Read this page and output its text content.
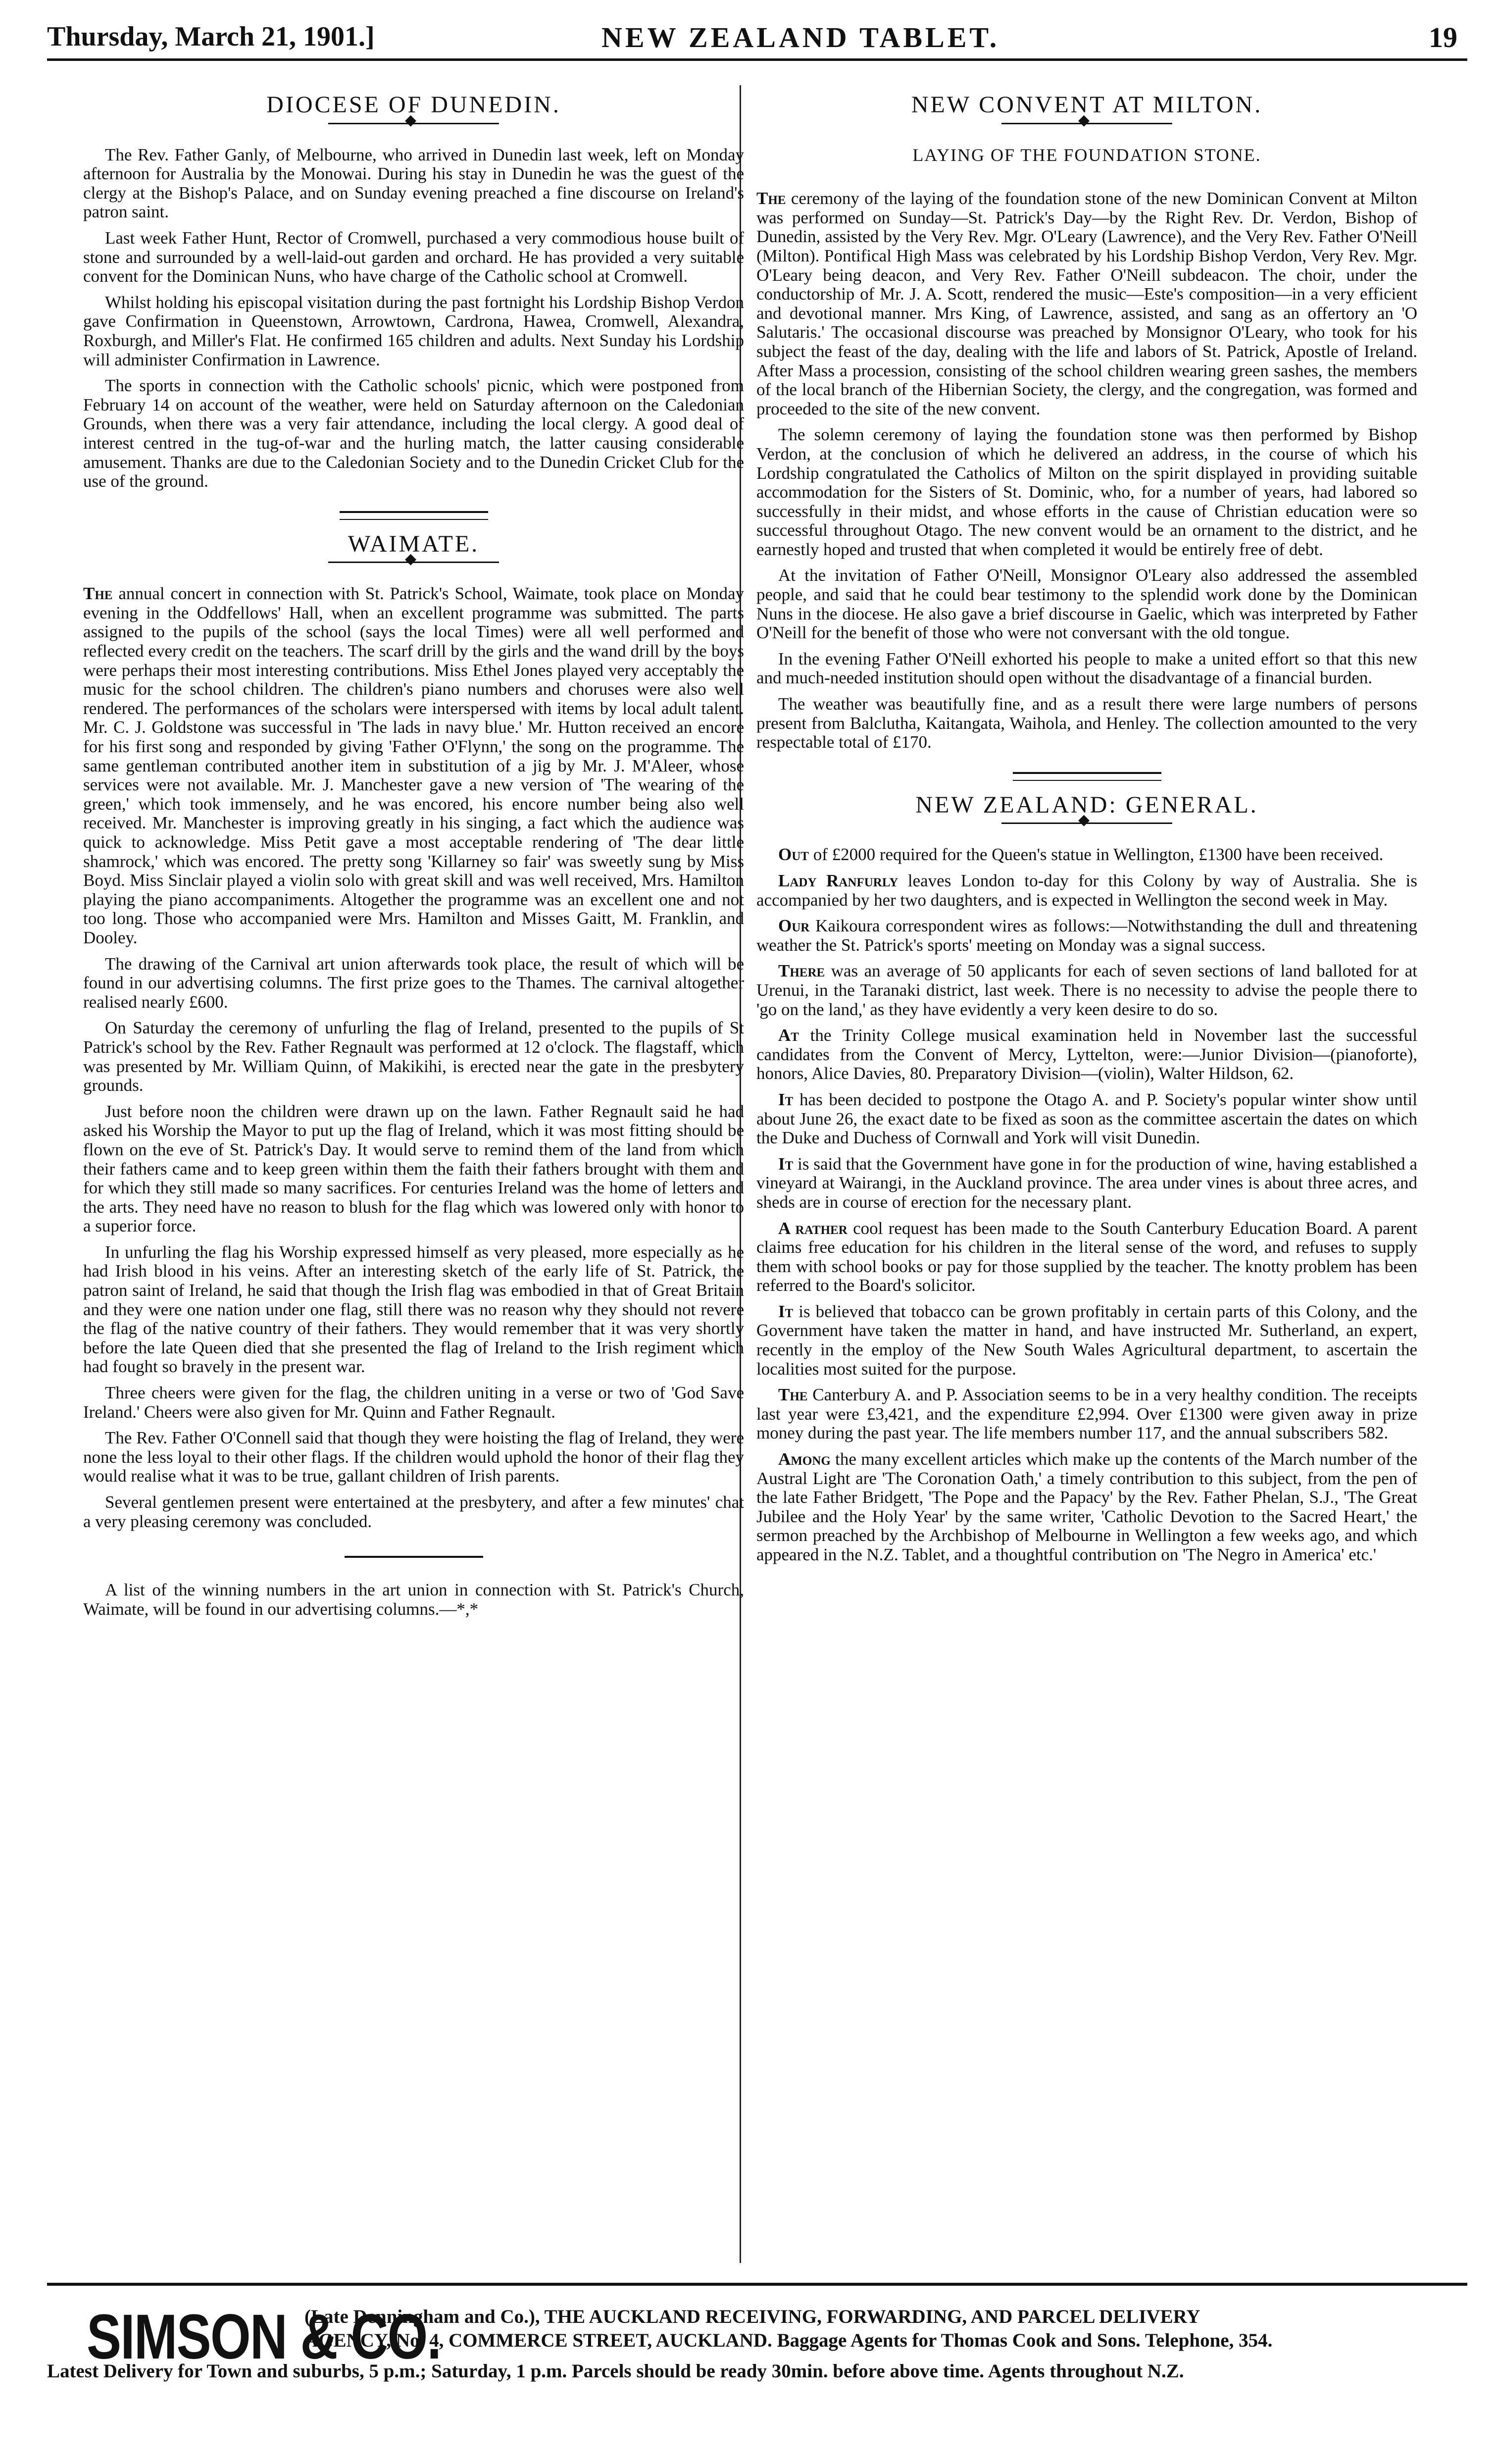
Thursday, March 21, 1901.]	NEW ZEALAND TABLET.	19
DIOCESE OF DUNEDIN.
◆

The Rev. Father Ganly, of Melbourne, who arrived in Dunedin last week, left on Monday afternoon for Australia by the Monowai. During his stay in Dunedin he was the guest of the clergy at the Bishop's Palace, and on Sunday evening preached a fine discourse on Ireland's patron saint.

Last week Father Hunt, Rector of Cromwell, purchased a very commodious house built of stone and surrounded by a well-laid-out garden and orchard. He has provided a very suitable convent for the Dominican Nuns, who have charge of the Catholic school at Cromwell.

Whilst holding his episcopal visitation during the past fortnight his Lordship Bishop Verdon gave Confirmation in Queenstown, Arrowtown, Cardrona, Hawea, Cromwell, Alexandra, Roxburgh, and Miller's Flat. He confirmed 165 children and adults. Next Sunday his Lordship will administer Confirmation in Lawrence.

The sports in connection with the Catholic schools' picnic, which were postponed from February 14 on account of the weather, were held on Saturday afternoon on the Caledonian Grounds, when there was a very fair attendance, including the local clergy. A good deal of interest centred in the tug-of-war and the hurling match, the latter causing considerable amusement. Thanks are due to the Caledonian Society and to the Dunedin Cricket Club for the use of the ground.

WAIMATE.
◆

The annual concert in connection with St. Patrick's School, Waimate, took place on Monday evening in the Oddfellows' Hall, when an excellent programme was submitted. The parts assigned to the pupils of the school (says the local Times) were all well performed and reflected every credit on the teachers. The scarf drill by the girls and the wand drill by the boys were perhaps their most interesting contributions. Miss Ethel Jones played very acceptably the music for the school children. The children's piano numbers and choruses were also well rendered. The performances of the scholars were interspersed with items by local adult talent. Mr. C. J. Goldstone was successful in 'The lads in navy blue.' Mr. Hutton received an encore for his first song and responded by giving 'Father O'Flynn,' the song on the programme. The same gentleman contributed another item in substitution of a jig by Mr. J. M'Aleer, whose services were not available. Mr. J. Manchester gave a new version of 'The wearing of the green,' which took immensely, and he was encored, his encore number being also well received. Mr. Manchester is improving greatly in his singing, a fact which the audience was quick to acknowledge. Miss Petit gave a most acceptable rendering of 'The dear little shamrock,' which was encored. The pretty song 'Killarney so fair' was sweetly sung by Miss Boyd. Miss Sinclair played a violin solo with great skill and was well received, Mrs. Hamilton playing the piano accompaniments. Altogether the programme was an excellent one and not too long. Those who accompanied were Mrs. Hamilton and Misses Gaitt, M. Franklin, and Dooley.

The drawing of the Carnival art union afterwards took place, the result of which will be found in our advertising columns. The first prize goes to the Thames. The carnival altogether realised nearly £600.

On Saturday the ceremony of unfurling the flag of Ireland, presented to the pupils of St Patrick's school by the Rev. Father Regnault was performed at 12 o'clock. The flagstaff, which was presented by Mr. William Quinn, of Makikihi, is erected near the gate in the presbytery grounds.

Just before noon the children were drawn up on the lawn. Father Regnault said he had asked his Worship the Mayor to put up the flag of Ireland, which it was most fitting should be flown on the eve of St. Patrick's Day. It would serve to remind them of the land from which their fathers came and to keep green within them the faith their fathers brought with them and for which they still made so many sacrifices. For centuries Ireland was the home of letters and the arts. They need have no reason to blush for the flag which was lowered only with honor to a superior force.

In unfurling the flag his Worship expressed himself as very pleased, more especially as he had Irish blood in his veins. After an interesting sketch of the early life of St. Patrick, the patron saint of Ireland, he said that though the Irish flag was embodied in that of Great Britain and they were one nation under one flag, still there was no reason why they should not revere the flag of the native country of their fathers. They would remember that it was very shortly before the late Queen died that she presented the flag of Ireland to the Irish regiment which had fought so bravely in the present war.

Three cheers were given for the flag, the children uniting in a verse or two of 'God Save Ireland.' Cheers were also given for Mr. Quinn and Father Regnault.

The Rev. Father O'Connell said that though they were hoisting the flag of Ireland, they were none the less loyal to their other flags. If the children would uphold the honor of their flag they would realise what it was to be true, gallant children of Irish parents.

Several gentlemen present were entertained at the presbytery, and after a few minutes' chat a very pleasing ceremony was concluded.

A list of the winning numbers in the art union in connection with St. Patrick's Church, Waimate, will be found in our advertising columns.—*,*

NEW CONVENT AT MILTON.
◆
LAYING OF THE FOUNDATION STONE.

The ceremony of the laying of the foundation stone of the new Dominican Convent at Milton was performed on Sunday—St. Patrick's Day—by the Right Rev. Dr. Verdon, Bishop of Dunedin, assisted by the Very Rev. Mgr. O'Leary (Lawrence), and the Very Rev. Father O'Neill (Milton). Pontifical High Mass was celebrated by his Lordship Bishop Verdon, Very Rev. Mgr. O'Leary being deacon, and Very Rev. Father O'Neill subdeacon. The choir, under the conductorship of Mr. J. A. Scott, rendered the music—Este's composition—in a very efficient and devotional manner. Mrs King, of Lawrence, assisted, and sang as an offertory an 'O Salutaris.' The occasional discourse was preached by Monsignor O'Leary, who took for his subject the feast of the day, dealing with the life and labors of St. Patrick, Apostle of Ireland. After Mass a procession, consisting of the school children wearing green sashes, the members of the local branch of the Hibernian Society, the clergy, and the congregation, was formed and proceeded to the site of the new convent.

The solemn ceremony of laying the foundation stone was then performed by Bishop Verdon, at the conclusion of which he delivered an address, in the course of which his Lordship congratulated the Catholics of Milton on the spirit displayed in providing suitable accommodation for the Sisters of St. Dominic, who, for a number of years, had labored so successfully in their midst, and whose efforts in the cause of Christian education were so successful throughout Otago. The new convent would be an ornament to the district, and he earnestly hoped and trusted that when completed it would be entirely free of debt.

At the invitation of Father O'Neill, Monsignor O'Leary also addressed the assembled people, and said that he could bear testimony to the splendid work done by the Dominican Nuns in the diocese. He also gave a brief discourse in Gaelic, which was interpreted by Father O'Neill for the benefit of those who were not conversant with the old tongue.

In the evening Father O'Neill exhorted his people to make a united effort so that this new and much-needed institution should open without the disadvantage of a financial burden.

The weather was beautifully fine, and as a result there were large numbers of persons present from Balclutha, Kaitangata, Waihola, and Henley. The collection amounted to the very respectable total of £170.

NEW ZEALAND: GENERAL.
◆

Out of £2000 required for the Queen's statue in Wellington, £1300 have been received.

Lady Ranfurly leaves London to-day for this Colony by way of Australia. She is accompanied by her two daughters, and is expected in Wellington the second week in May.

Our Kaikoura correspondent wires as follows:—Notwithstanding the dull and threatening weather the St. Patrick's sports' meeting on Monday was a signal success.

There was an average of 50 applicants for each of seven sections of land balloted for at Urenui, in the Taranaki district, last week. There is no necessity to advise the people there to 'go on the land,' as they have evidently a very keen desire to do so.

At the Trinity College musical examination held in November last the successful candidates from the Convent of Mercy, Lyttelton, were:—Junior Division—(pianoforte), honors, Alice Davies, 80. Preparatory Division—(violin), Walter Hildson, 62.

It has been decided to postpone the Otago A. and P. Society's popular winter show until about June 26, the exact date to be fixed as soon as the committee ascertain the dates on which the Duke and Duchess of Cornwall and York will visit Dunedin.

It is said that the Government have gone in for the production of wine, having established a vineyard at Wairangi, in the Auckland province. The area under vines is about three acres, and sheds are in course of erection for the necessary plant.

A rather cool request has been made to the South Canterbury Education Board. A parent claims free education for his children in the literal sense of the word, and refuses to supply them with school books or pay for those supplied by the teacher. The knotty problem has been referred to the Board's solicitor.

It is believed that tobacco can be grown profitably in certain parts of this Colony, and the Government have taken the matter in hand, and have instructed Mr. Sutherland, an expert, recently in the employ of the New South Wales Agricultural department, to ascertain the localities most suited for the purpose.

The Canterbury A. and P. Association seems to be in a very healthy condition. The receipts last year were £3,421, and the expenditure £2,994. Over £1300 were given away in prize money during the past year. The life members number 117, and the annual subscribers 582.

Among the many excellent articles which make up the contents of the March number of the Austral Light are 'The Coronation Oath,' a timely contribution to this subject, from the pen of the late Father Bridgett, 'The Pope and the Papacy' by the Rev. Father Phelan, S.J., 'The Great Jubilee and the Holy Year' by the same writer, 'Catholic Devotion to the Sacred Heart,' the sermon preached by the Archbishop of Melbourne in Wellington a few weeks ago, and which appeared in the N.Z. Tablet, and a thoughtful contribution on 'The Negro in America' etc.'

SIMSON & CO.
(Late Denningham and Co.), THE AUCKLAND RECEIVING, FORWARDING, AND PARCEL DELIVERY
AGENCY, No. 4, COMMERCE STREET, AUCKLAND. Baggage Agents for Thomas Cook and Sons. Telephone, 354.
Latest Delivery for Town and suburbs, 5 p.m.; Saturday, 1 p.m. Parcels should be ready 30min. before above time. Agents throughout N.Z.
